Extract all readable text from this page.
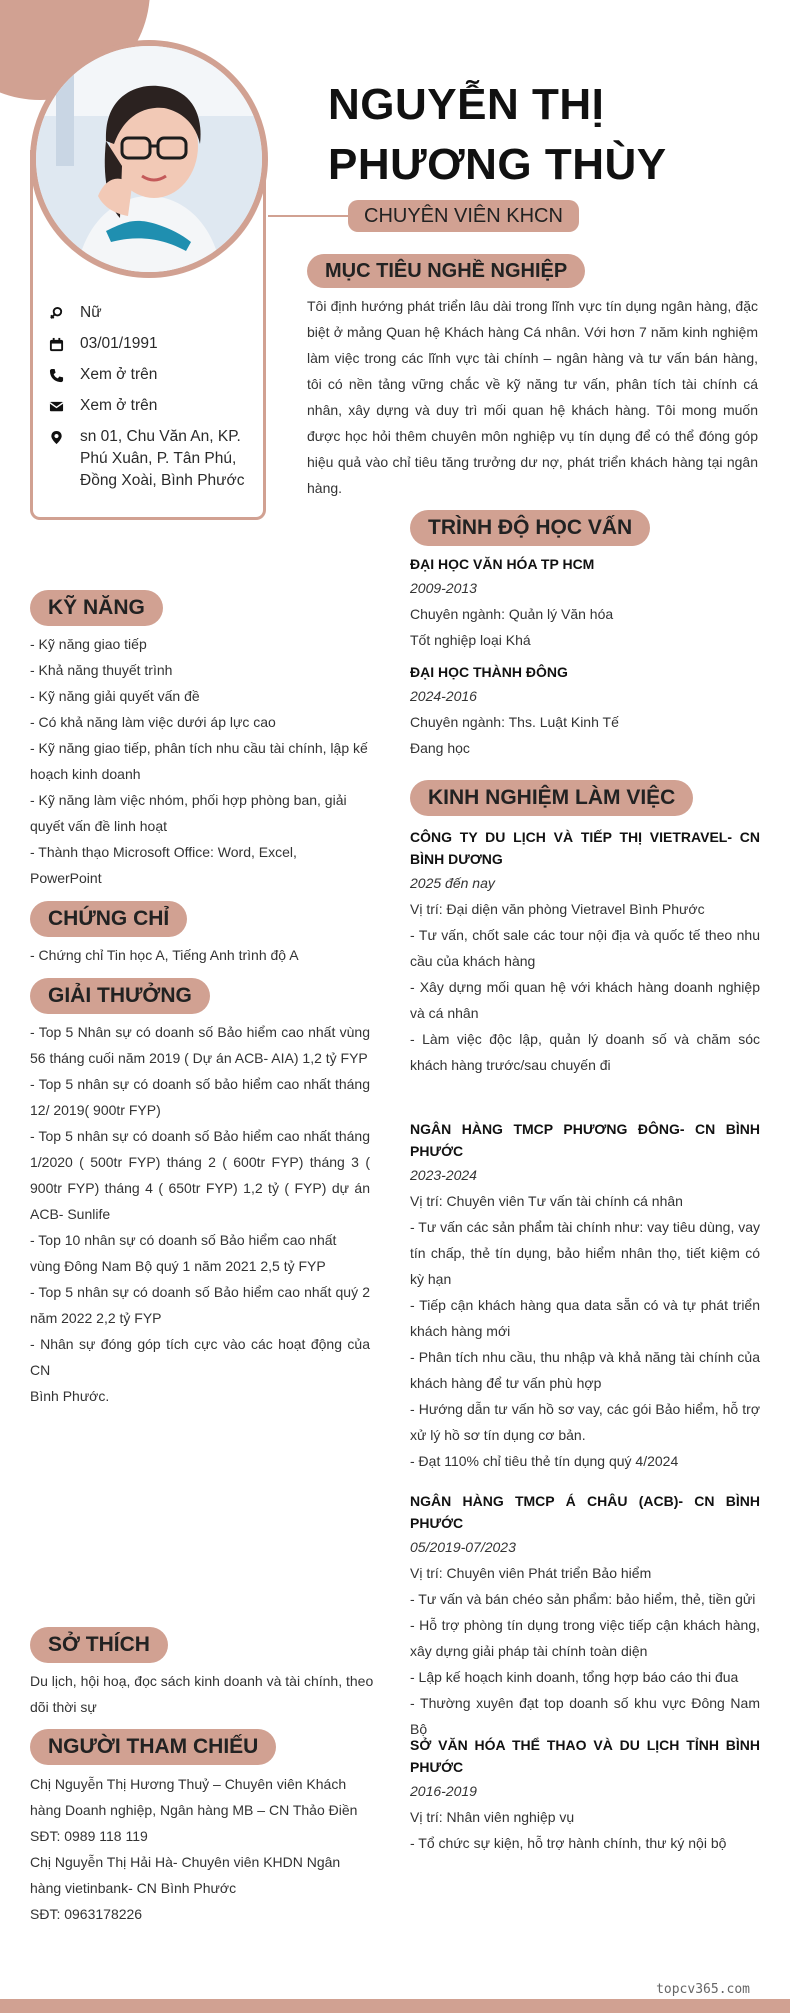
Nữ
03/01/1991
Xem ở trên
Xem ở trên
sn 01, Chu Văn An, KP. Phú Xuân, P. Tân Phú, Đồng Xoài, Bình Phước
NGUYỄN THỊ
PHƯƠNG THÙY
CHUYÊN VIÊN KHCN
MỤC TIÊU NGHỀ NGHIỆP
Tôi định hướng phát triển lâu dài trong lĩnh vực tín dụng ngân hàng, đặc biệt ở mảng Quan hệ Khách hàng Cá nhân. Với hơn 7 năm kinh nghiệm làm việc trong các lĩnh vực tài chính – ngân hàng và tư vấn bán hàng, tôi có nền tảng vững chắc về kỹ năng tư vấn, phân tích tài chính cá nhân, xây dựng và duy trì mối quan hệ khách hàng. Tôi mong muốn được học hỏi thêm chuyên môn nghiệp vụ tín dụng để có thể đóng góp hiệu quả vào chỉ tiêu tăng trưởng dư nợ, phát triển khách hàng tại ngân hàng.
TRÌNH ĐỘ HỌC VẤN
ĐẠI HỌC VĂN HÓA TP HCM
2009-2013
Chuyên ngành: Quản lý Văn hóa
Tốt nghiệp loại Khá
ĐẠI HỌC THÀNH ĐÔNG
2024-2016
Chuyên ngành: Ths. Luật Kinh Tế
Đang học
KINH NGHIỆM LÀM VIỆC
CÔNG TY DU LỊCH VÀ TIẾP THỊ VIETRAVEL- CN BÌNH DƯƠNG
2025 đến nay
Vị trí: Đại diện văn phòng Vietravel Bình Phước
- Tư vấn, chốt sale các tour nội địa và quốc tế theo nhu cầu của khách hàng
- Xây dựng mối quan hệ với khách hàng doanh nghiệp và cá nhân
- Làm việc độc lập, quản lý doanh số và chăm sóc khách hàng trước/sau chuyến đi
NGÂN HÀNG TMCP PHƯƠNG ĐÔNG- CN BÌNH PHƯỚC
2023-2024
Vị trí: Chuyên viên Tư vấn tài chính cá nhân
- Tư vấn các sản phẩm tài chính như: vay tiêu dùng, vay tín chấp, thẻ tín dụng, bảo hiểm nhân thọ, tiết kiệm có kỳ hạn
- Tiếp cận khách hàng qua data sẵn có và tự phát triển khách hàng mới
- Phân tích nhu cầu, thu nhập và khả năng tài chính của khách hàng để tư vấn phù hợp
- Hướng dẫn tư vấn hồ sơ vay, các gói Bảo hiểm, hỗ trợ xử lý hồ sơ tín dụng cơ bản.
- Đạt 110% chỉ tiêu thẻ tín dụng quý 4/2024
NGÂN HÀNG TMCP Á CHÂU (ACB)- CN BÌNH PHƯỚC
05/2019-07/2023
Vị trí: Chuyên viên Phát triển Bảo hiểm
- Tư vấn và bán chéo sản phẩm: bảo hiểm, thẻ, tiền gửi
- Hỗ trợ phòng tín dụng trong việc tiếp cận khách hàng, xây dựng giải pháp tài chính toàn diện
- Lập kế hoạch kinh doanh, tổng hợp báo cáo thi đua
- Thường xuyên đạt top doanh số khu vực Đông Nam Bộ
SỞ VĂN HÓA THỂ THAO VÀ DU LỊCH TỈNH BÌNH PHƯỚC
2016-2019
Vị trí: Nhân viên nghiệp vụ
- Tổ chức sự kiện, hỗ trợ hành chính, thư ký nội bộ
KỸ NĂNG
- Kỹ năng giao tiếp
- Khả năng thuyết trình
- Kỹ năng giải quyết vấn đề
- Có khả năng làm việc dưới áp lực cao
- Kỹ năng giao tiếp, phân tích nhu cầu tài chính, lập kế hoạch kinh doanh
- Kỹ năng làm việc nhóm, phối hợp phòng ban, giải quyết vấn đề linh hoạt
- Thành thạo Microsoft Office: Word, Excel, PowerPoint
CHỨNG CHỈ
- Chứng chỉ Tin học A, Tiếng Anh trình độ A
GIẢI THƯỞNG
- Top 5 Nhân sự có doanh số Bảo hiểm cao nhất vùng 56 tháng cuối năm 2019 ( Dự án ACB- AIA) 1,2 tỷ FYP
- Top 5 nhân sự có doanh số bảo hiểm cao nhất tháng 12/ 2019( 900tr FYP)
- Top 5 nhân sự có doanh số Bảo hiểm cao nhất tháng 1/2020 ( 500tr FYP) tháng 2 ( 600tr FYP) tháng 3 ( 900tr FYP) tháng 4 ( 650tr FYP) 1,2 tỷ ( FYP) dự án ACB- Sunlife
- Top 10 nhân sự có doanh số Bảo hiểm cao nhất vùng Đông Nam Bộ quý 1 năm 2021 2,5 tỷ FYP
- Top 5 nhân sự có doanh số Bảo hiểm cao nhất quý 2 năm 2022 2,2 tỷ FYP
- Nhân sự đóng góp tích cực vào các hoạt động của CN
Bình Phước.
SỞ THÍCH
Du lịch, hội hoạ, đọc sách kinh doanh và tài chính, theo dõi thời sự
NGƯỜI THAM CHIẾU
Chị Nguyễn Thị Hương Thuỷ – Chuyên viên Khách hàng Doanh nghiệp, Ngân hàng MB – CN Thảo Điền
SĐT: 0989 118 119
Chị Nguyễn Thị Hải Hà- Chuyên viên KHDN Ngân hàng vietinbank- CN Bình Phước
SĐT: 0963178226
topcv365.com
